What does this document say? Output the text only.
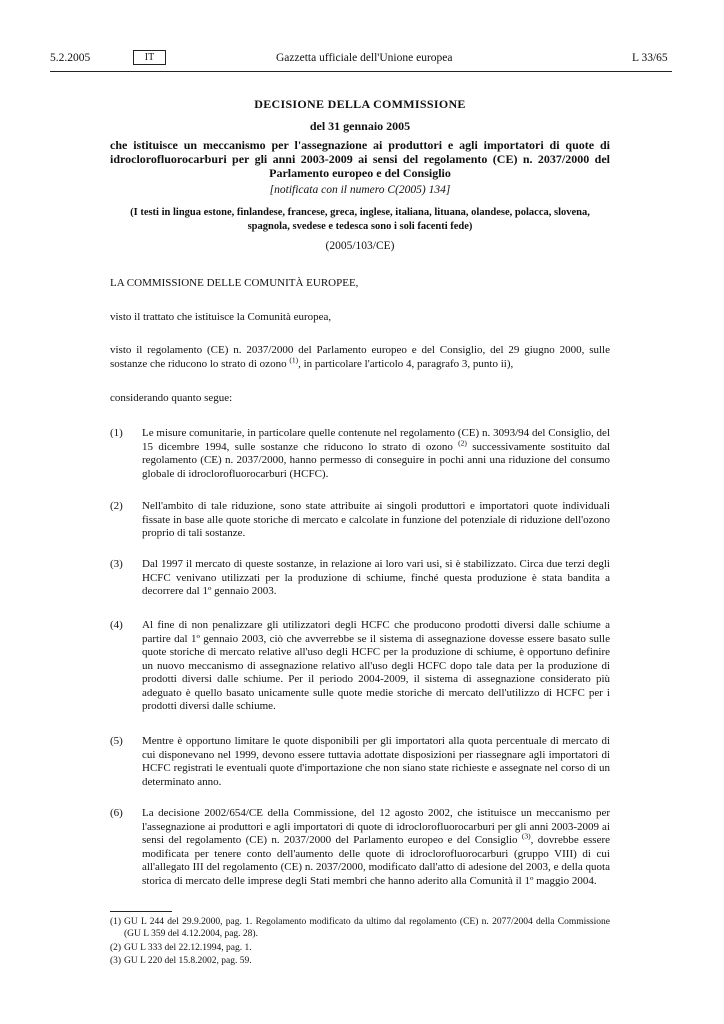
5.2.2005	IT	Gazzetta ufficiale dell'Unione europea	L 33/65
DECISIONE DELLA COMMISSIONE
del 31 gennaio 2005
che istituisce un meccanismo per l'assegnazione ai produttori e agli importatori di quote di idroclorofluorocarburi per gli anni 2003-2009 ai sensi del regolamento (CE) n. 2037/2000 del Parlamento europeo e del Consiglio
[notificata con il numero C(2005) 134]
(I testi in lingua estone, finlandese, francese, greca, inglese, italiana, lituana, olandese, polacca, slovena, spagnola, svedese e tedesca sono i soli facenti fede)
(2005/103/CE)
LA COMMISSIONE DELLE COMUNITÀ EUROPEE,
visto il trattato che istituisce la Comunità europea,
visto il regolamento (CE) n. 2037/2000 del Parlamento europeo e del Consiglio, del 29 giugno 2000, sulle sostanze che riducono lo strato di ozono $^{(1)}$, in particolare l'articolo 4, paragrafo 3, punto ii),
considerando quanto segue:
(1) Le misure comunitarie, in particolare quelle contenute nel regolamento (CE) n. 3093/94 del Consiglio, del 15 dicembre 1994, sulle sostanze che riducono lo strato di ozono $^{(2)}$ successivamente sostituito dal regolamento (CE) n. 2037/2000, hanno permesso di conseguire in pochi anni una riduzione del consumo globale di idroclorofluorocarburi (HCFC).
(2) Nell'ambito di tale riduzione, sono state attribuite ai singoli produttori e importatori quote individuali fissate in base alle quote storiche di mercato e calcolate in funzione del potenziale di riduzione dell'ozono proprio di tali sostanze.
(3) Dal 1997 il mercato di queste sostanze, in relazione ai loro vari usi, si è stabilizzato. Circa due terzi degli HCFC venivano utilizzati per la produzione di schiume, finché questa produzione è stata bandita a decorrere dal 1º gennaio 2003.
(4) Al fine di non penalizzare gli utilizzatori degli HCFC che producono prodotti diversi dalle schiume a partire dal 1º gennaio 2003, ciò che avverrebbe se il sistema di assegnazione dovesse essere basato sulle quote storiche di mercato relative all'uso degli HCFC per la produzione di schiume, è opportuno definire un nuovo meccanismo di assegnazione relativo all'uso degli HCFC dopo tale data per la produzione di prodotti diversi dalle schiume. Per il periodo 2004-2009, il sistema di assegnazione considerato più adeguato è quello basato unicamente sulle quote medie storiche di mercato dell'utilizzo di HCFC per i prodotti diversi dalle schiume.
(5) Mentre è opportuno limitare le quote disponibili per gli importatori alla quota percentuale di mercato di cui disponevano nel 1999, devono essere tuttavia adottate disposizioni per riassegnare agli importatori di HCFC registrati le eventuali quote d'importazione che non siano state richieste e assegnate nel corso di un determinato anno.
(6) La decisione 2002/654/CE della Commissione, del 12 agosto 2002, che istituisce un meccanismo per l'assegnazione ai produttori e agli importatori di quote di idroclorofluorocarburi per gli anni 2003-2009 ai sensi del regolamento (CE) n. 2037/2000 del Parlamento europeo e del Consiglio $^{(3)}$, dovrebbe essere modificata per tenere conto dell'aumento delle quote di idroclorofluorocarburi (gruppo VIII) di cui all'allegato III del regolamento (CE) n. 2037/2000, modificato dall'atto di adesione del 2003, e della quota storica di mercato delle imprese degli Stati membri che hanno aderito alla Comunità il 1º maggio 2004.
(1) GU L 244 del 29.9.2000, pag. 1. Regolamento modificato da ultimo dal regolamento (CE) n. 2077/2004 della Commissione (GU L 359 del 4.12.2004, pag. 28).
(2) GU L 333 del 22.12.1994, pag. 1.
(3) GU L 220 del 15.8.2002, pag. 59.
